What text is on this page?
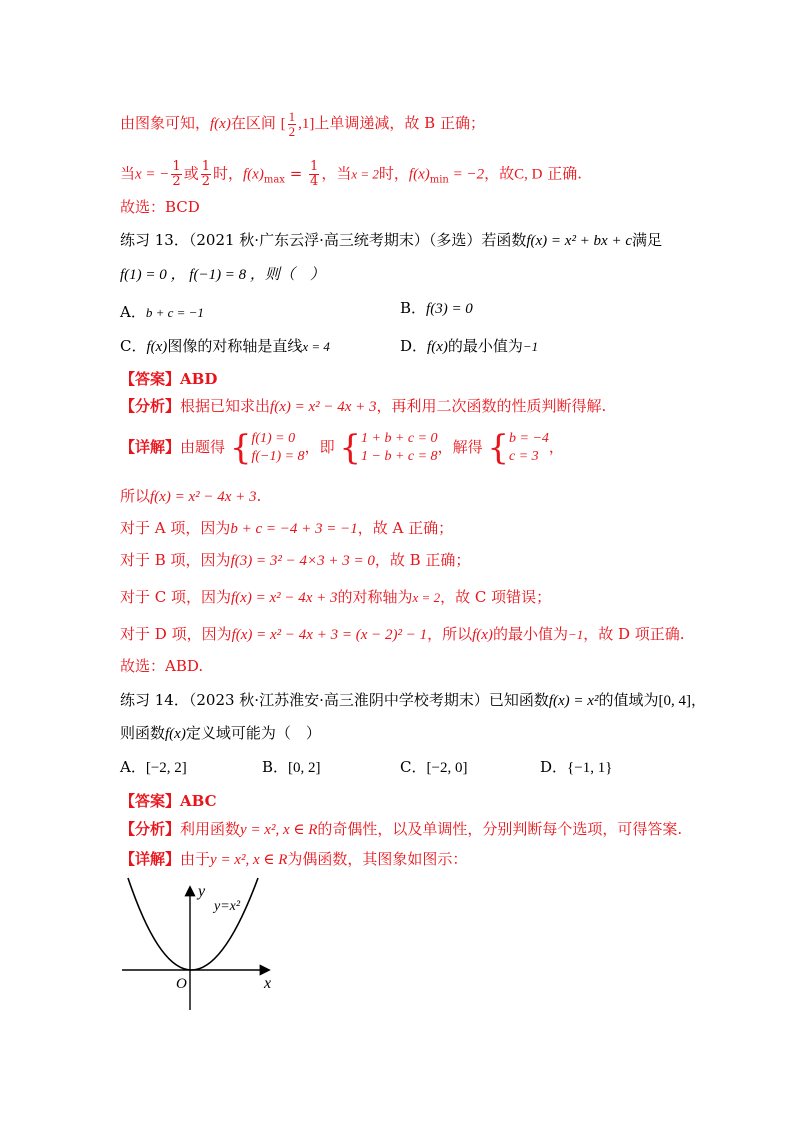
由图象可知，f(x)在区间 [ $\frac{1}{2} ,1$]上单调递减，故 B 正确；
当x = − $\frac{1}{2}$ 或 $\frac{1}{2}$ 时，$f(x)_{max} = \frac{1}{4}$ ，当x = 2时，$f(x)_{min} = -2$，故C, D 正确.
故选：BCD
练习 13．（2021 秋·广东云浮·高三统考期末）（多选）若函数f(x) = x² + bx + c满足
f(1) = 0 ， f(−1) = 8 ，则（　）
A．b + c = −1	B．f(3) = 0
C．f(x)图像的对称轴是直线x = 4	D．f(x)的最小值为−1
【答案】ABD
【分析】根据已知求出f(x) = x² − 4x + 3，再利用二次函数的性质判断得解.
【详解】由题得 { f(1) = 0
f(−1) = 8
，即 { 1 + b + c = 0
1 − b + c = 8
，解得 { b = −4
c = 3
，
所以f(x) = x² − 4x + 3.
对于 A 项，因为b + c = −4 + 3 = −1，故 A 正确；
对于 B 项，因为f(3) = 3² − 4×3 + 3 = 0，故 B 正确；
对于 C 项，因为f(x) = x² − 4x + 3的对称轴为x = 2，故 C 项错误；
对于 D 项，因为f(x) = x² − 4x + 3 = (x − 2)² − 1，所以f(x)的最小值为−1，故 D 项正确.
故选：ABD.
练习 14．（2023 秋·江苏淮安·高三淮阴中学校考期末）已知函数f(x) = x²的值域为[0, 4]，
则函数f(x)定义域可能为（　）
A．[−2, 2]	B．[0, 2]	C．[−2, 0]	D．{−1, 1}
【答案】ABC
【分析】利用函数y = x², x ∈ R的奇偶性，以及单调性，分别判断每个选项，可得答案.
【详解】由于y = x², x ∈ R为偶函数，其图象如图示：
y
x
O
y=x²
